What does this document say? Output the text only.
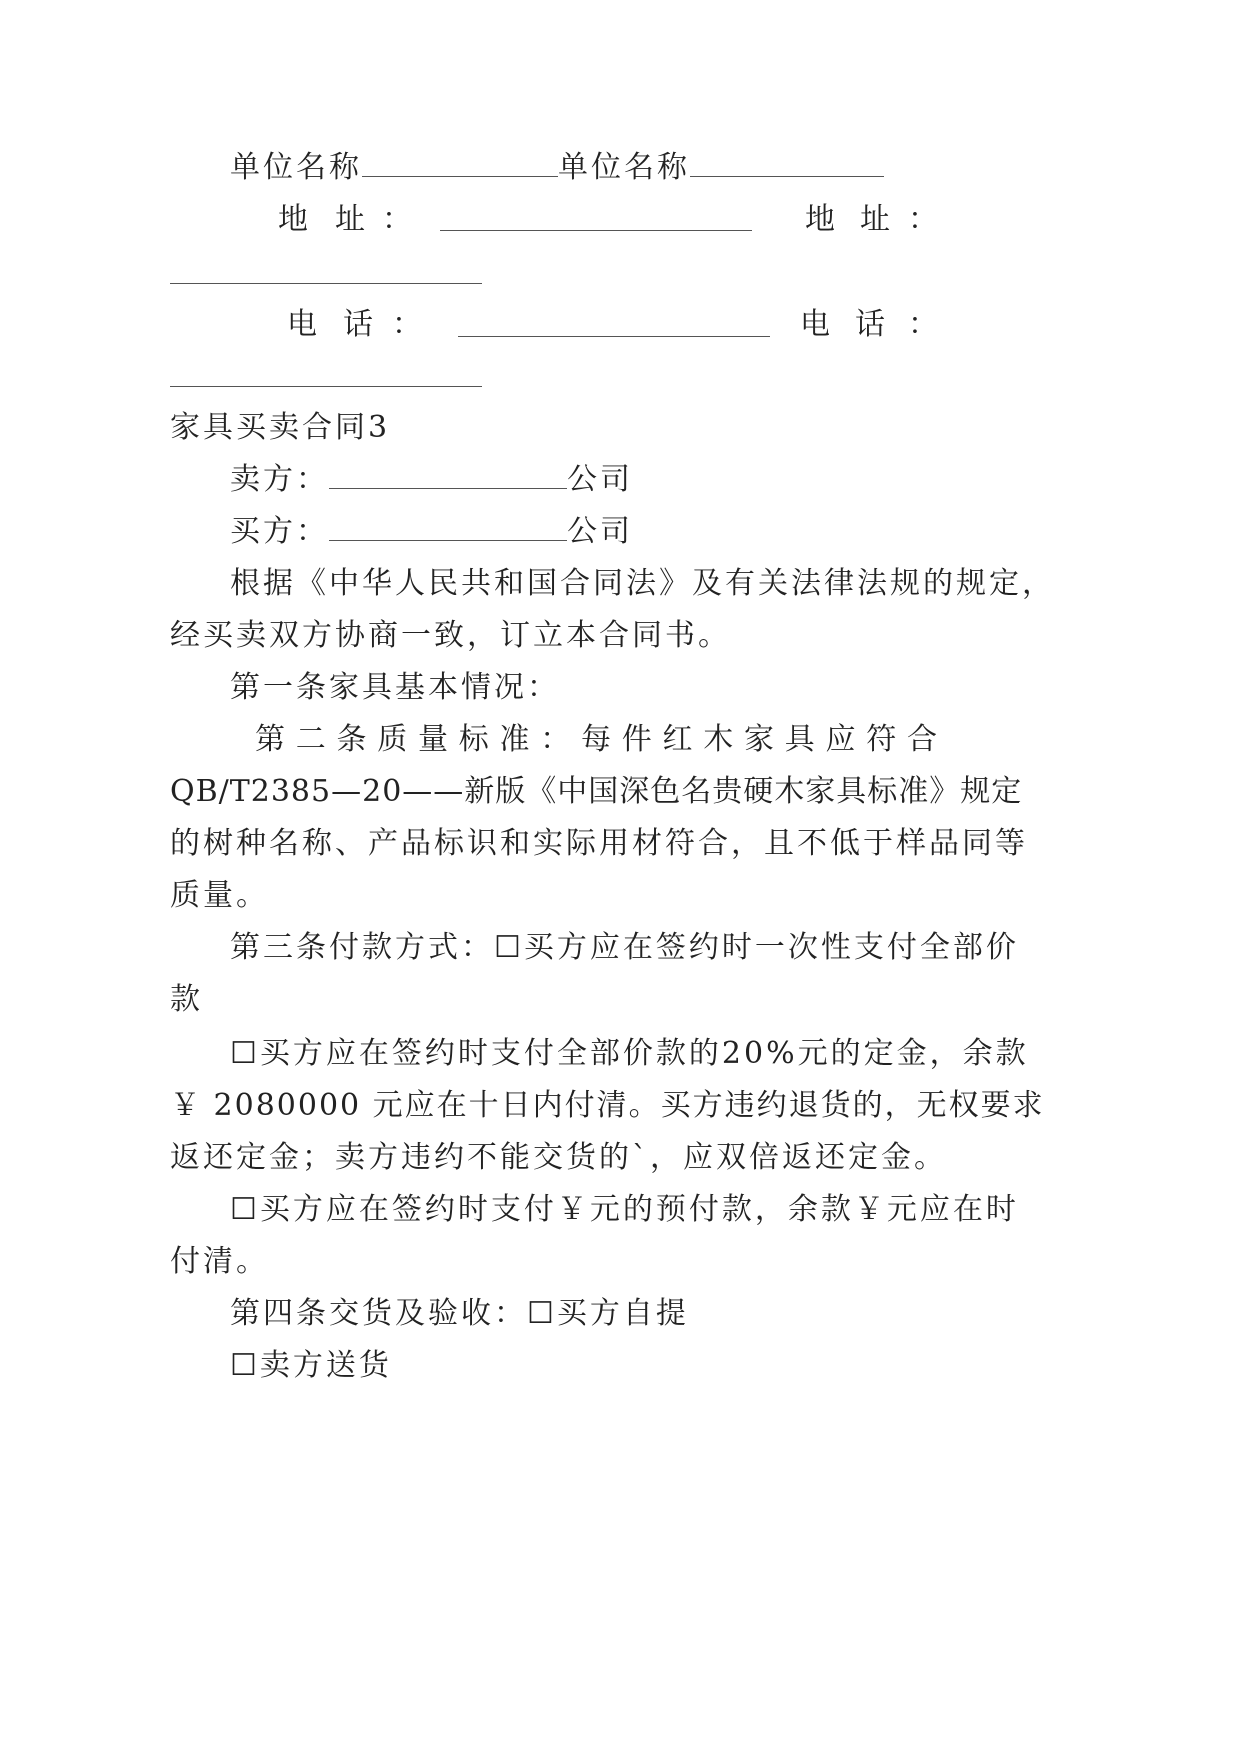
单位名称	单位名称
地 址 ：	地 址 ：
电 话 ：	电 话 ：
家具买卖合同3
卖方：	公司
买方：	公司
根据《中华人民共和国合同法》及有关法律法规的规定，
经买卖双方协商一致，订立本合同书。
第一条家具基本情况：
第 二 条 质 量 标 准 ： 每 件 红 木 家 具 应 符 合
QB/T2385—20——新版《中国深色名贵硬木家具标准》规定
的树种名称、产品标识和实际用材符合，且不低于样品同等
质量。
第三条付款方式：☐买方应在签约时一次性支付全部价
款
☐买方应在签约时支付全部价款的20%元的定金，余款
￥ 2080000 元应在十日内付清。买方违约退货的，无权要求
返还定金；卖方违约不能交货的`，应双倍返还定金。
☐买方应在签约时支付￥元的预付款，余款￥元应在时
付清。
第四条交货及验收：☐买方自提
☐卖方送货
